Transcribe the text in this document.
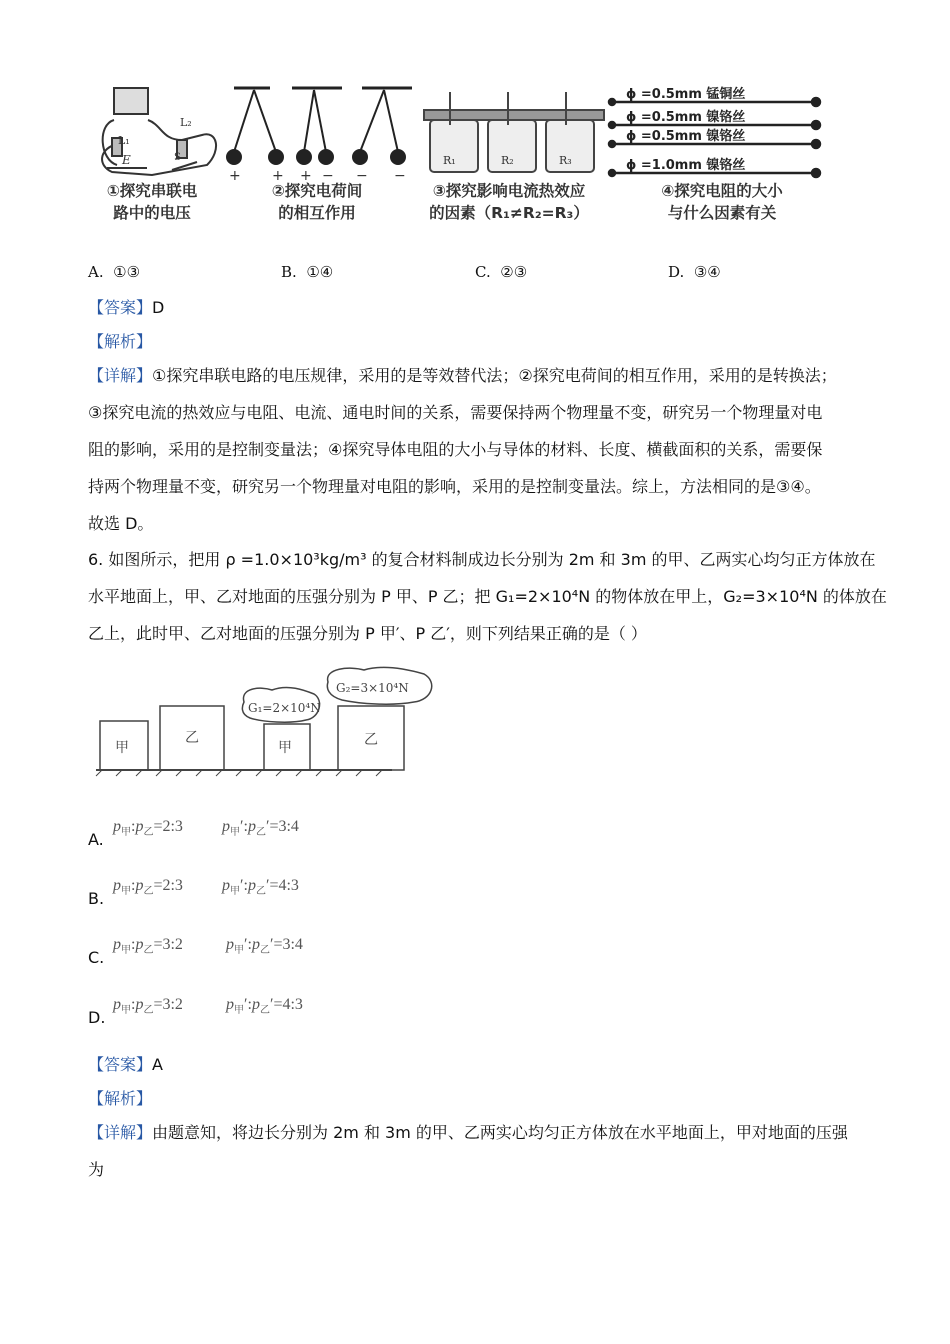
L₁
L₂
E	S
+ + + − − −
R₁	R₂	R₃
ϕ =0.5mm 锰铜丝
ϕ =0.5mm 镍铬丝
ϕ =0.5mm 镍铬丝
ϕ =1.0mm 镍铬丝
①探究串联电
路中的电压
②探究电荷间
的相互作用
③探究影响电流热效应
的因素（R₁≠R₂=R₃）
④探究电阻的大小
与什么因素有关
A. ①③	B. ①④	C. ②③	D. ③④
【答案】D
【解析】
【详解】①探究串联电路的电压规律，采用的是等效替代法；②探究电荷间的相互作用，采用的是转换法；
③探究电流的热效应与电阻、电流、通电时间的关系，需要保持两个物理量不变，研究另一个物理量对电
阻的影响，采用的是控制变量法；④探究导体电阻的大小与导体的材料、长度、横截面积的关系，需要保
持两个物理量不变，研究另一个物理量对电阻的影响，采用的是控制变量法。综上，方法相同的是③④。
故选 D。
6. 如图所示，把用 ρ =1.0×10³kg/m³ 的复合材料制成边长分别为 2m 和 3m 的甲、乙两实心均匀正方体放在
水平地面上，甲、乙对地面的压强分别为 P 甲、P 乙；把 G₁=2×10⁴N 的物体放在甲上，G₂=3×10⁴N 的体放在
乙上，此时甲、乙对地面的压强分别为 P 甲′、P 乙′，则下列结果正确的是（ ）
甲
乙
甲	乙
G₁=2×10⁴N
G₂=3×10⁴N
A.
$p_甲:p_乙=2:3$ $p_甲':p_乙'=3:4$
B.
$p_甲:p_乙=2:3$ $p_甲':p_乙'=4:3$
C.
$p_甲:p_乙=3:2$	$p_甲':p_乙'=3:4$
D.
$p_甲:p_乙=3:2$	$p_甲':p_乙'=4:3$
【答案】A
【解析】
【详解】由题意知，将边长分别为 2m 和 3m 的甲、乙两实心均匀正方体放在水平地面上，甲对地面的压强
为
